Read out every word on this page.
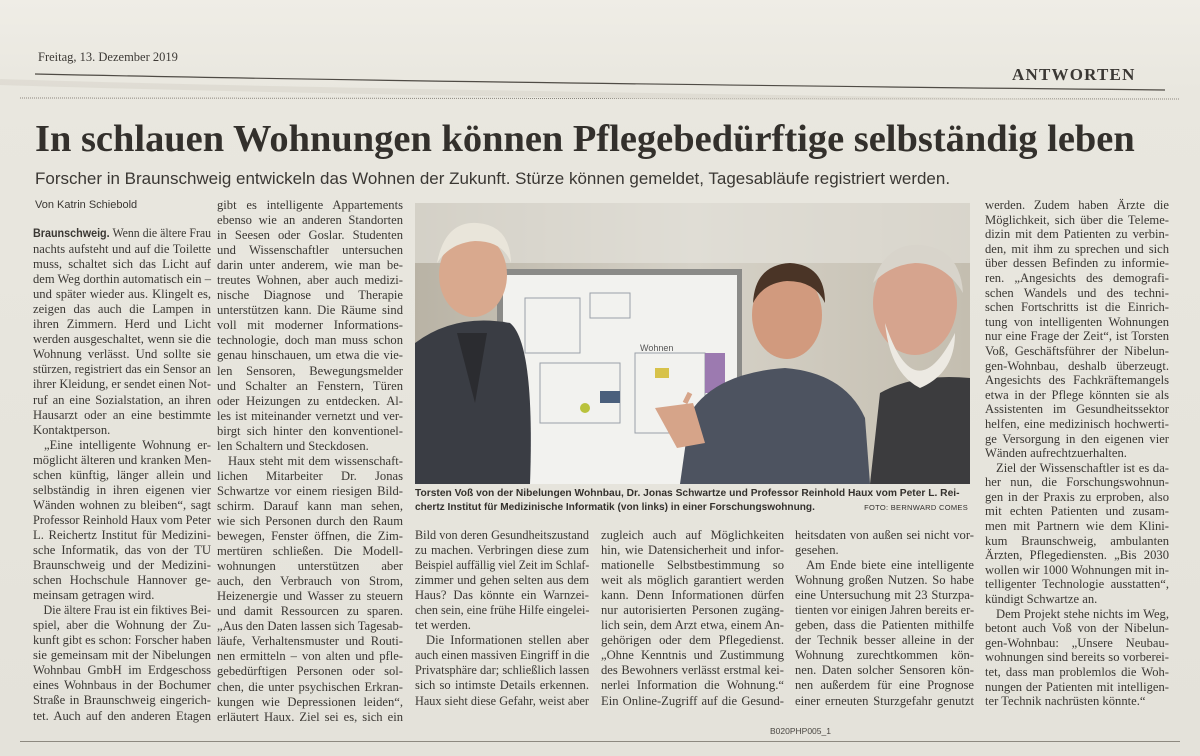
Freitag, 13. Dezember 2019
ANTWORTEN
In schlauen Wohnungen können Pflegebedürftige selbständig leben
Forscher in Braunschweig entwickeln das Wohnen der Zukunft. Stürze können gemeldet, Tagesabläufe registriert werden.
Von Katrin Schiebold
Braunschweig. Wenn die ältere Frau
nachts aufsteht und auf die Toilette
muss, schaltet sich das Licht auf
dem Weg dorthin automatisch ein –
und später wieder aus. Klingelt es,
zeigen das auch die Lampen in
ihren Zimmern. Herd und Licht
werden ausgeschaltet, wenn sie die
Wohnung verlässt. Und sollte sie
stürzen, registriert das ein Sensor an
ihrer Kleidung, er sendet einen Not-
ruf an eine Sozialstation, an ihren
Hausarzt oder an eine bestimmte
Kontaktperson.
„Eine intelligente Wohnung er-
möglicht älteren und kranken Men-
schen künftig, länger allein und
selbständig in ihren eigenen vier
Wänden wohnen zu bleiben“, sagt
Professor Reinhold Haux vom Peter
L. Reichertz Institut für Medizini-
sche Informatik, das von der TU
Braunschweig und der Medizini-
schen Hochschule Hannover ge-
meinsam getragen wird.
Die ältere Frau ist ein fiktives Bei-
spiel, aber die Wohnung der Zu-
kunft gibt es schon: Forscher haben
sie gemeinsam mit der Nibelungen
Wohnbau GmbH im Erdgeschoss
eines Wohnbaus in der Bochumer
Straße in Braunschweig eingerich-
tet. Auch auf den anderen Etagen
gibt es intelligente Appartements
ebenso wie an anderen Standorten
in Seesen oder Goslar. Studenten
und Wissenschaftler untersuchen
darin unter anderem, wie man be-
treutes Wohnen, aber auch medizi-
nische Diagnose und Therapie
unterstützen kann. Die Räume sind
voll mit moderner Informations-
technologie, doch man muss schon
genau hinschauen, um etwa die vie-
len Sensoren, Bewegungsmelder
und Schalter an Fenstern, Türen
oder Heizungen zu entdecken. Al-
les ist miteinander vernetzt und ver-
birgt sich hinter den konventionel-
len Schaltern und Steckdosen.
Haux steht mit dem wissenschaft-
lichen Mitarbeiter Dr. Jonas
Schwartze vor einem riesigen Bild-
schirm. Darauf kann man sehen,
wie sich Personen durch den Raum
bewegen, Fenster öffnen, die Zim-
mertüren schließen. Die Modell-
wohnungen unterstützen aber
auch, den Verbrauch von Strom,
Heizenergie und Wasser zu steuern
und damit Ressourcen zu sparen.
„Aus den Daten lassen sich Tagesab-
läufe, Verhaltensmuster und Routi-
nen ermitteln – von alten und pfle-
gebedürftigen Personen oder sol-
chen, die unter psychischen Erkran-
kungen wie Depressionen leiden“,
erläutert Haux. Ziel sei es, sich ein
Bild von deren Gesundheitszustand
zu machen. Verbringen diese zum
Beispiel auffällig viel Zeit im Schlaf-
zimmer und gehen selten aus dem
Haus? Das könnte ein Warnzei-
chen sein, eine frühe Hilfe eingelei-
tet werden.
Die Informationen stellen aber
auch einen massiven Eingriff in die
Privatsphäre dar; schließlich lassen
sich so intimste Details erkennen.
Haux sieht diese Gefahr, weist aber
zugleich auch auf Möglichkeiten
hin, wie Datensicherheit und infor-
mationelle Selbstbestimmung so
weit als möglich garantiert werden
kann. Denn Informationen dürfen
nur autorisierten Personen zugäng-
lich sein, dem Arzt etwa, einem An-
gehörigen oder dem Pflegedienst.
„Ohne Kenntnis und Zustimmung
des Bewohners verlässt erstmal kei-
nerlei Information die Wohnung.“
Ein Online-Zugriff auf die Gesund-
heitsdaten von außen sei nicht vor-
gesehen.
Am Ende biete eine intelligente
Wohnung großen Nutzen. So habe
eine Untersuchung mit 23 Sturzpa-
tienten vor einigen Jahren bereits er-
geben, dass die Patienten mithilfe
der Technik besser alleine in der
Wohnung zurechtkommen kön-
nen. Daten solcher Sensoren kön-
nen außerdem für eine Prognose
einer erneuten Sturzgefahr genutzt
werden. Zudem haben Ärzte die
Möglichkeit, sich über die Teleme-
dizin mit dem Patienten zu verbin-
den, mit ihm zu sprechen und sich
über dessen Befinden zu informie-
ren. „Angesichts des demografi-
schen Wandels und des techni-
schen Fortschritts ist die Einrich-
tung von intelligenten Wohnungen
nur eine Frage der Zeit“, ist Torsten
Voß, Geschäftsführer der Nibelun-
gen-Wohnbau, deshalb überzeugt.
Angesichts des Fachkräftemangels
etwa in der Pflege könnten sie als
Assistenten im Gesundheitssektor
helfen, eine medizinisch hochwerti-
ge Versorgung in den eigenen vier
Wänden aufrechtzuerhalten.
Ziel der Wissenschaftler ist es da-
her nun, die Forschungswohnun-
gen in der Praxis zu erproben, also
mit echten Patienten und zusam-
men mit Partnern wie dem Klini-
kum Braunschweig, ambulanten
Ärzten, Pflegediensten. „Bis 2030
wollen wir 1000 Wohnungen mit in-
telligenter Technologie ausstatten“,
kündigt Schwartze an.
Dem Projekt stehe nichts im Weg,
betont auch Voß von der Nibelun-
gen-Wohnbau: „Unsere Neubau-
wohnungen sind bereits so vorberei-
tet, dass man problemlos die Woh-
nungen der Patienten mit intelligen-
ter Technik nachrüsten könnte.“
Wohnen
Torsten Voß von der Nibelungen Wohnbau, Dr. Jonas Schwartze und Professor Reinhold Haux vom Peter L. Rei-
chertz Institut für Medizinische Informatik (von links) in einer Forschungswohnung.	FOTO: BERNWARD COMES
B020PHP005_1
